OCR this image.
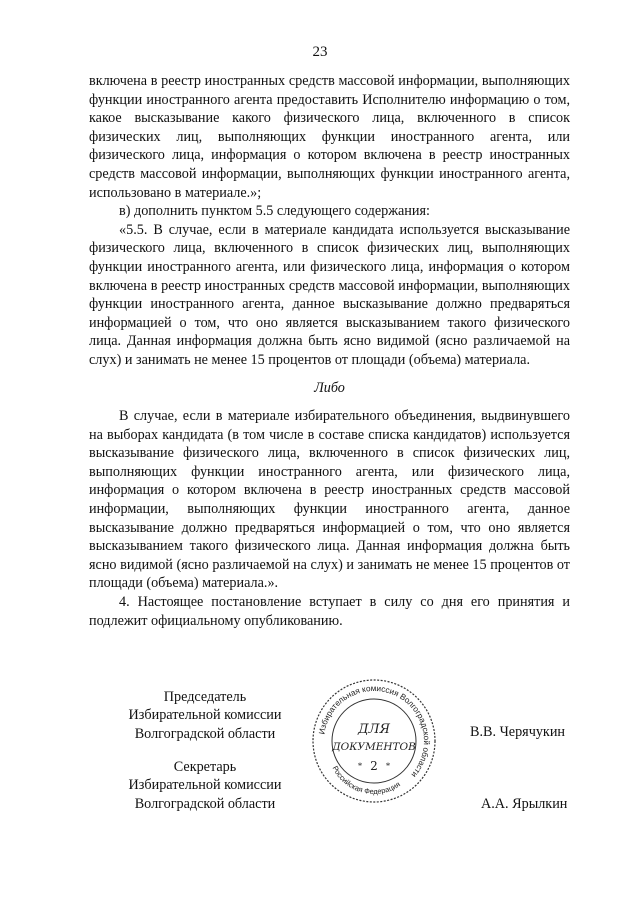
23

включена в реестр иностранных средств массовой информации, выполняющих функции иностранного агента предоставить Исполнителю информацию о том, какое высказывание какого физического лица, включенного в список физических лиц, выполняющих функции иностранного агента, или физического лица, информация о котором включена в реестр иностранных средств массовой информации, выполняющих функции иностранного агента, использовано в материале.»;

в) дополнить пунктом 5.5 следующего содержания:

«5.5. В случае, если в материале кандидата используется высказывание физического лица, включенного в список физических лиц, выполняющих функции иностранного агента, или физического лица, информация о котором включена в реестр иностранных средств массовой информации, выполняющих функции иностранного агента, данное высказывание должно предваряться информацией о том, что оно является высказыванием такого физического лица. Данная информация должна быть ясно видимой (ясно различаемой на слух) и занимать не менее 15 процентов от площади (объема) материала.

Либо

В случае, если в материале избирательного объединения, выдвинувшего на выборах кандидата (в том числе в составе списка кандидатов) используется высказывание физического лица, включенного в список физических лиц, выполняющих функции иностранного агента, или физического лица, информация о котором включена в реестр иностранных средств массовой информации, выполняющих функции иностранного агента, данное высказывание должно предваряться информацией о том, что оно является высказыванием такого физического лица. Данная информация должна быть ясно видимой (ясно различаемой на слух) и занимать не менее 15 процентов от площади (объема) материала.».

4. Настоящее постановление вступает в силу со дня его принятия и подлежит официальному опубликованию.

Председатель
Избирательной комиссии
Волгоградской области	В.В. Черячукин
Секретарь
Избирательной комиссии
Волгоградской области	А.А. Ярылкин
Избирательная комиссия Волгоградской области
Российская Федерация
ДЛЯ
ДОКУМЕНТОВ
2
*	*
